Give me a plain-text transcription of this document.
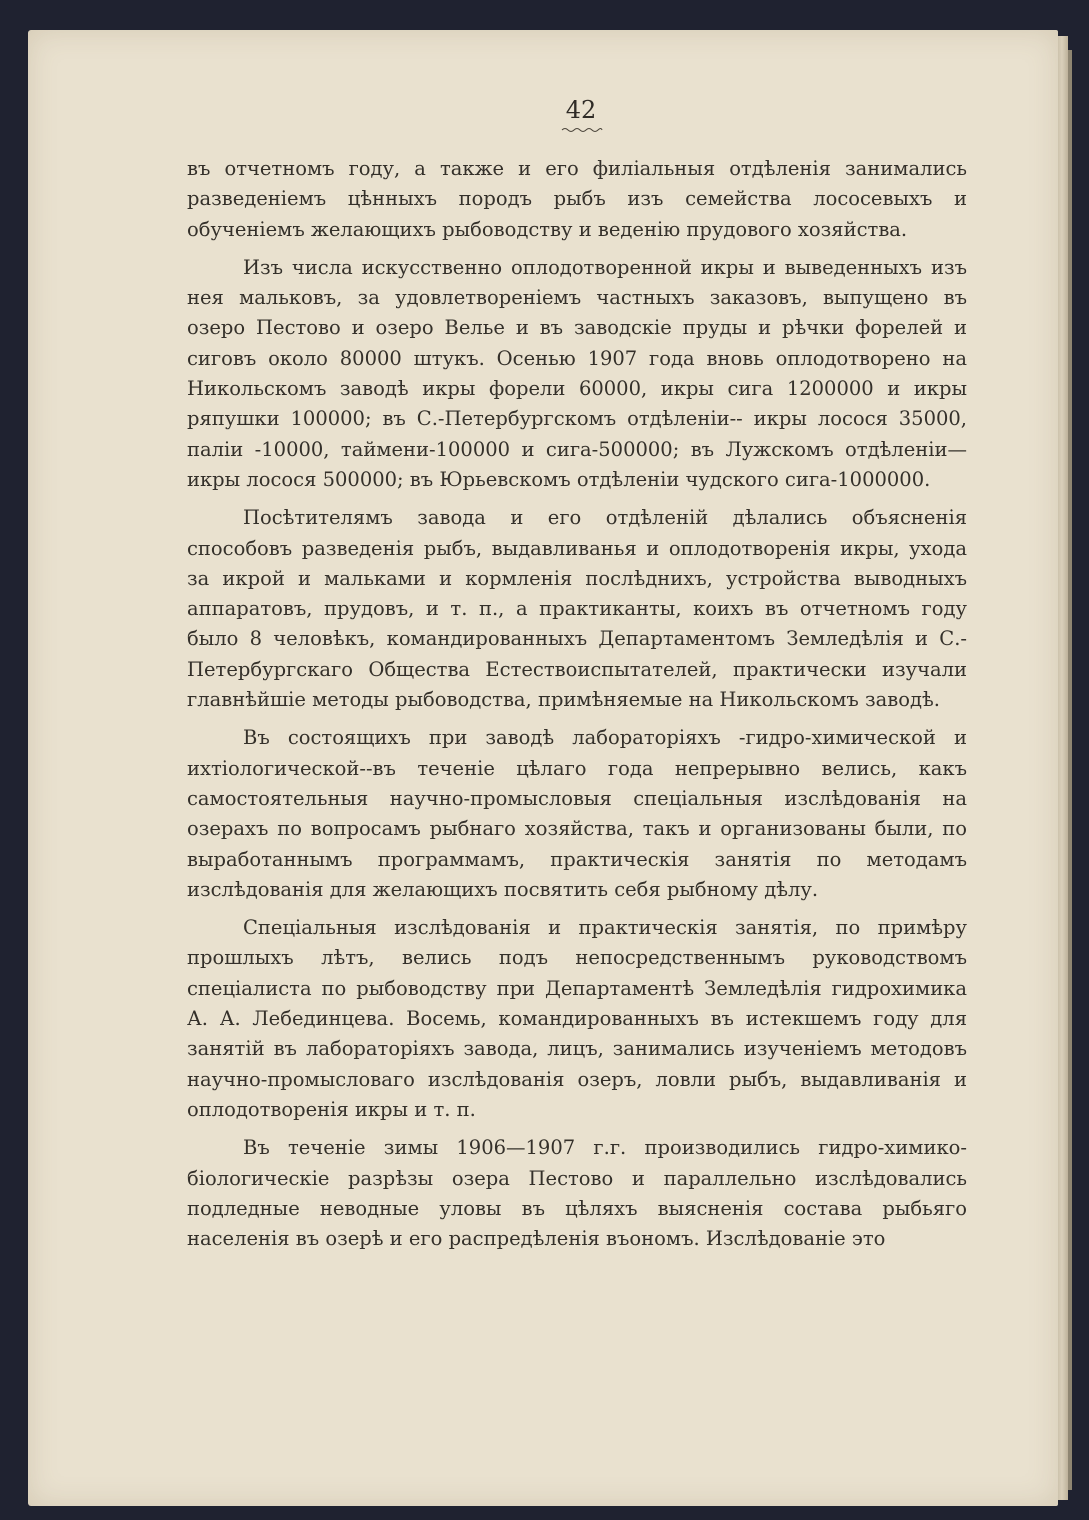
42

въ отчетномъ году, а также и его филіальныя отдѣленія занимались разведеніемъ цѣнныхъ породъ рыбъ изъ семейства лососевыхъ и обученіемъ желающихъ рыбоводству и веденію прудового хозяйства.

Изъ числа искусственно оплодотворенной икры и выведенныхъ изъ нея мальковъ, за удовлетвореніемъ частныхъ заказовъ, выпущено въ озеро Пестово и озеро Велье и въ заводскіе пруды и рѣчки форелей и сиговъ около 80000 штукъ. Осенью 1907 года вновь оплодотворено на Никольскомъ заводѣ икры форели 60000, икры сига 1200000 и икры ряпушки 100000; въ С.-Петербургскомъ отдѣленіи-- икры лосося 35000, паліи -10000, таймени-100000 и сига-500000; въ Лужскомъ отдѣленіи—икры лосося 500000; въ Юрьевскомъ отдѣленіи чудского сига-1000000.

Посѣтителямъ завода и его отдѣленій дѣлались объясненія способовъ разведенія рыбъ, выдавливанья и оплодотворенія икры, ухода за икрой и мальками и кормленія послѣднихъ, устройства выводныхъ аппаратовъ, прудовъ, и т. п., а практиканты, коихъ въ отчетномъ году было 8 человѣкъ, командированныхъ Департаментомъ Земледѣлія и С.-Петербургскаго Общества Естествоиспытателей, практически изучали главнѣйшіе методы рыбоводства, примѣняемые на Никольскомъ заводѣ.

Въ состоящихъ при заводѣ лабораторіяхъ -гидро-химической и ихтіологической--въ теченіе цѣлаго года непрерывно велись, какъ самостоятельныя научно-промысловыя спеціальныя изслѣдованія на озерахъ по вопросамъ рыбнаго хозяйства, такъ и организованы были, по выработаннымъ программамъ, практическія занятія по методамъ изслѣдованія для желающихъ посвятить себя рыбному дѣлу.

Спеціальныя изслѣдованія и практическія занятія, по примѣру прошлыхъ лѣтъ, велись подъ непосредственнымъ руководствомъ спеціалиста по рыбоводству при Департаментѣ Земледѣлія гидрохимика А. А. Лебединцева. Восемь, командированныхъ въ истекшемъ году для занятій въ лабораторіяхъ завода, лицъ, занимались изученіемъ методовъ научно-промысловаго изслѣдованія озеръ, ловли рыбъ, выдавливанія и оплодотворенія икры и т. п.

Въ теченіе зимы 1906—1907 г.г. производились гидро-химико-біологическіе разрѣзы озера Пестово и параллельно изслѣдовались подледные неводные уловы въ цѣляхъ выясненія состава рыбьяго населенія въ озерѣ и его распредѣленія въономъ. Изслѣдованіе это
